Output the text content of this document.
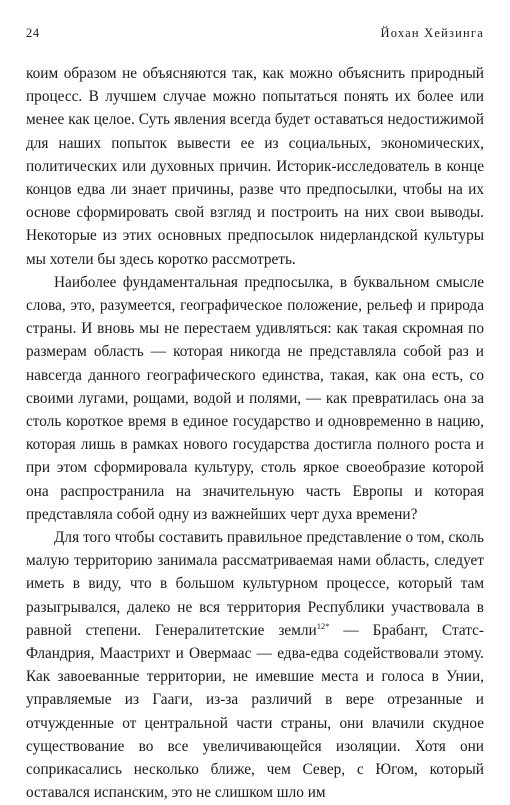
24	Йохан Хейзинга

коим образом не объясняются так, как можно объяснить природный процесс. В лучшем случае можно попытаться понять их более или менее как целое. Суть явления всегда будет оставаться недостижимой для наших попыток вывести ее из социальных, экономических, политических или духовных причин. Историк-исследователь в конце концов едва ли знает причины, разве что предпосылки, чтобы на их основе сформировать свой взгляд и построить на них свои выводы. Некоторые из этих основных предпосылок нидерландской культуры мы хотели бы здесь коротко рассмотреть.

Наиболее фундаментальная предпосылка, в буквальном смысле слова, это, разумеется, географическое положение, рельеф и природа страны. И вновь мы не перестаем удивляться: как такая скромная по размерам область — которая никогда не представляла собой раз и навсегда данного географического единства, такая, как она есть, со своими лугами, рощами, водой и полями, — как превратилась она за столь короткое время в единое государство и одновременно в нацию, которая лишь в рамках нового государства достигла полного роста и при этом сформировала культуру, столь яркое своеобразие которой она распространила на значительную часть Европы и которая представляла собой одну из важнейших черт духа времени?

Для того чтобы составить правильное представление о том, сколь малую территорию занимала рассматриваемая нами область, следует иметь в виду, что в большом культурном процессе, который там разыгрывался, далеко не вся территория Республики участвовала в равной степени. Генералитетские земли$^{12*}$ — Брабант, Статс-Фландрия, Маастрихт и Овермаас — едва-едва содействовали этому. Как завоеванные территории, не имевшие места и голоса в Унии, управляемые из Гааги, из-за различий в вере отрезанные и отчужденные от центральной части страны, они влачили скудное существование во все увеличивающейся изоляции. Хотя они соприкасались несколько ближе, чем Север, с Югом, который оставался испанским, это не слишком шло им
